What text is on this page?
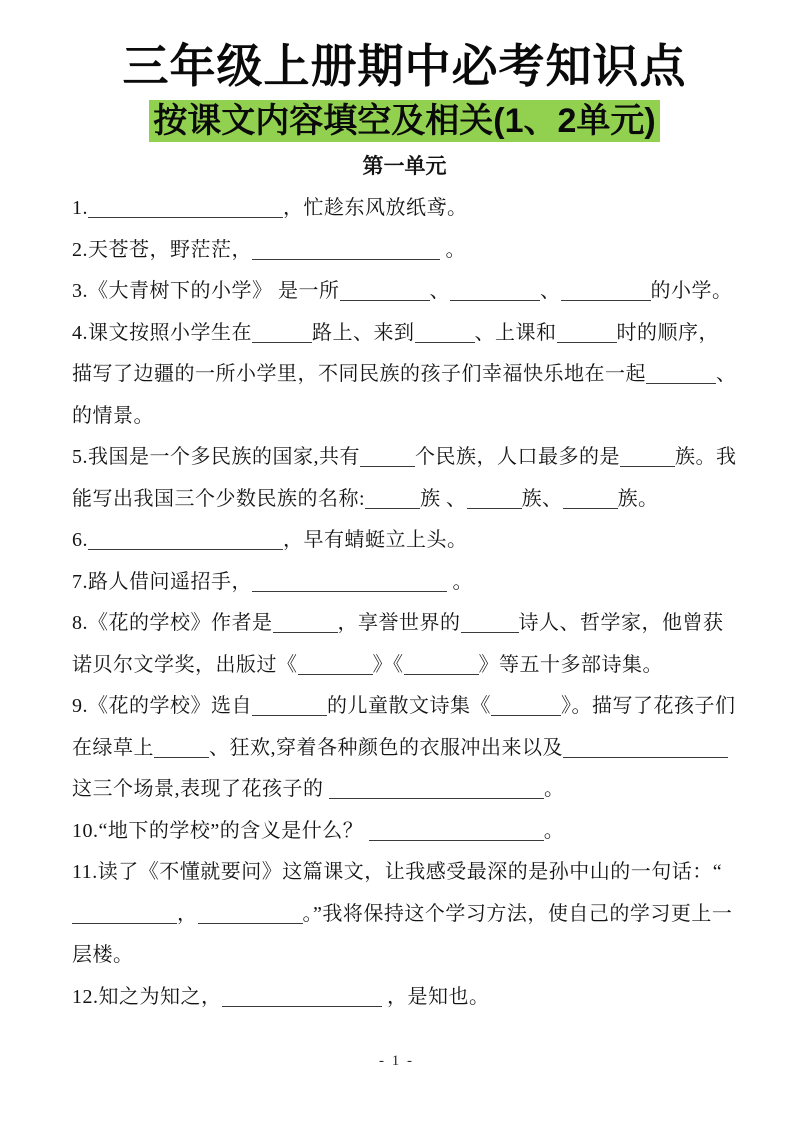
三年级上册期中必考知识点
按课文内容填空及相关(1、2单元)
第一单元

1.	，忙趁东风放纸鸢。

2.天苍苍，野茫茫，	。

3.《大青树下的小学》 是一所	、	、	的小学。

4.课文按照小学生在	路上、来到	、上课和	时的顺序，描写了边疆的一所小学里，不同民族的孩子们幸福快乐地在一起	、的情景。

5.我国是一个多民族的国家,共有	个民族，人口最多的是	族。我能写出我国三个少数民族的名称:	族 、	族、	族。

6.	，早有蜻蜓立上头。

7.路人借问遥招手，	。

8.《花的学校》作者是	，享誉世界的	诗人、哲学家，他曾获诺贝尔文学奖，出版过《	》《	》等五十多部诗集。

9.《花的学校》选自	的儿童散文诗集《	》。描写了花孩子们在绿草上	、狂欢,穿着各种颜色的衣服冲出来以及这三个场景,表现了花孩子的	。

10.“地下的学校”的含义是什么？	。

11.读了《不懂就要问》这篇课文，让我感受最深的是孙中山的一句话：“，	。”我将保持这个学习方法，使自己的学习更上一层楼。

12.知之为知之，	，是知也。

- 1 -
